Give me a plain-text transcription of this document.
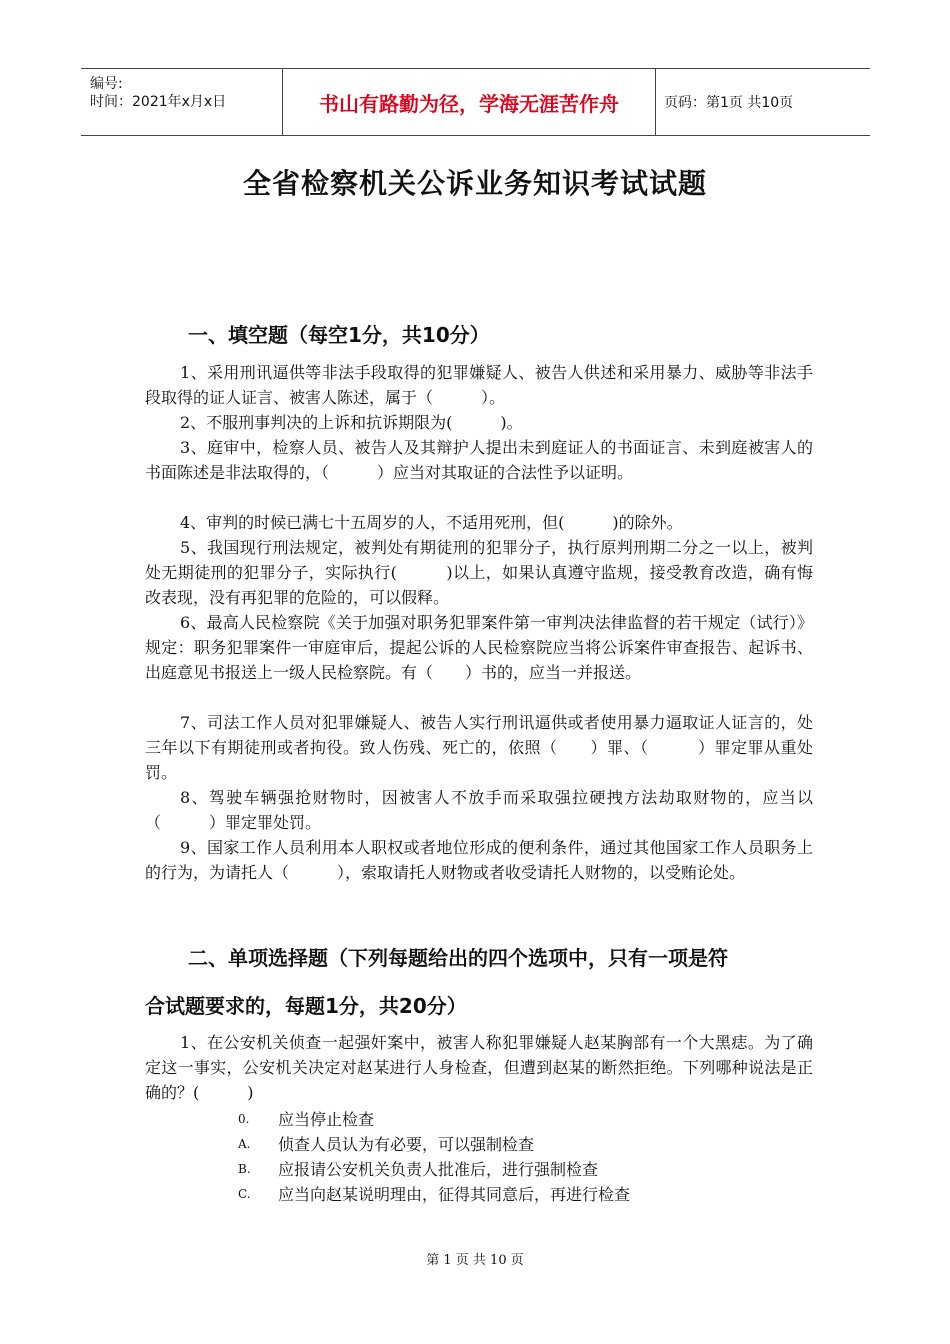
编号:
时间：2021年x月x日	书山有路勤为径，学海无涯苦作舟	页码：第1页 共10页
全省检察机关公诉业务知识考试试题
一、填空题（每空1分，共10分）
1、采用刑讯逼供等非法手段取得的犯罪嫌疑人、被告人供述和采用暴力、威胁等非法手段取得的证人证言、被害人陈述，属于（　　　）。
2、不服刑事判决的上诉和抗诉期限为(　　　)。
3、庭审中，检察人员、被告人及其辩护人提出未到庭证人的书面证言、未到庭被害人的书面陈述是非法取得的，（　　　）应当对其取证的合法性予以证明。
4、审判的时候已满七十五周岁的人，不适用死刑，但(　　　)的除外。
5、我国现行刑法规定，被判处有期徒刑的犯罪分子，执行原判刑期二分之一以上，被判处无期徒刑的犯罪分子，实际执行(　　　)以上，如果认真遵守监规，接受教育改造，确有悔改表现，没有再犯罪的危险的，可以假释。
6、最高人民检察院《关于加强对职务犯罪案件第一审判决法律监督的若干规定（试行）》规定：职务犯罪案件一审庭审后，提起公诉的人民检察院应当将公诉案件审查报告、起诉书、出庭意见书报送上一级人民检察院。有（　　）书的，应当一并报送。
7、司法工作人员对犯罪嫌疑人、被告人实行刑讯逼供或者使用暴力逼取证人证言的，处三年以下有期徒刑或者拘役。致人伤残、死亡的，依照（　　）罪、（　　　）罪定罪从重处罚。
8、驾驶车辆强抢财物时，因被害人不放手而采取强拉硬拽方法劫取财物的，应当以（　　　）罪定罪处罚。
9、国家工作人员利用本人职权或者地位形成的便利条件，通过其他国家工作人员职务上的行为，为请托人（　　　），索取请托人财物或者收受请托人财物的，以受贿论处。
二、单项选择题（下列每题给出的四个选项中，只有一项是符
合试题要求的，每题1分，共20分）
1、在公安机关侦查一起强奸案中，被害人称犯罪嫌疑人赵某胸部有一个大黑痣。为了确定这一事实，公安机关决定对赵某进行人身检查，但遭到赵某的断然拒绝。下列哪种说法是正确的？(　　　)
0.	应当停止检查
A.	侦查人员认为有必要，可以强制检查
B.	应报请公安机关负责人批准后，进行强制检查
C.	应当向赵某说明理由，征得其同意后，再进行检查
第 1 页 共 10 页
